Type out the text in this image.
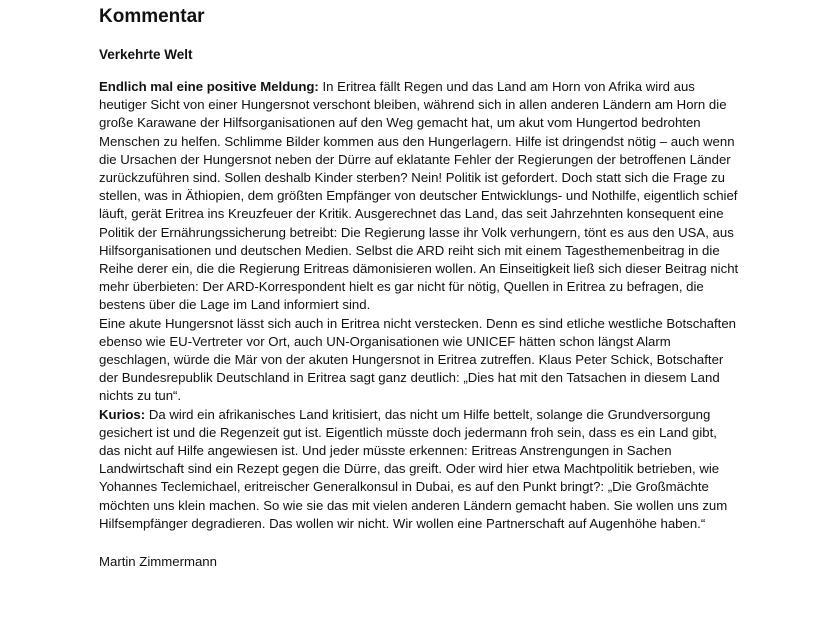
Kommentar
Verkehrte Welt

Endlich mal eine positive Meldung: In Eritrea fällt Regen und das Land am Horn von Afrika wird aus heutiger Sicht von einer Hungersnot verschont bleiben, während sich in allen anderen Ländern am Horn die große Karawane der Hilfsorganisationen auf den Weg gemacht hat, um akut vom Hungertod bedrohten Menschen zu helfen. Schlimme Bilder kommen aus den Hungerlagern. Hilfe ist dringendst nötig – auch wenn die Ursachen der Hungersnot neben der Dürre auf eklatante Fehler der Regierungen der betroffenen Länder zurückzuführen sind. Sollen deshalb Kinder sterben? Nein! Politik ist gefordert. Doch statt sich die Frage zu stellen, was in Äthiopien, dem größten Empfänger von deutscher Entwicklungs- und Nothilfe, eigentlich schief läuft, gerät Eritrea ins Kreuzfeuer der Kritik. Ausgerechnet das Land, das seit Jahrzehnten konsequent eine Politik der Ernährungssicherung betreibt: Die Regierung lasse ihr Volk verhungern, tönt es aus den USA, aus Hilfsorganisationen und deutschen Medien. Selbst die ARD reiht sich mit einem Tagesthemenbeitrag in die Reihe derer ein, die die Regierung Eritreas dämonisieren wollen. An Einseitigkeit ließ sich dieser Beitrag nicht mehr überbieten: Der ARD-Korrespondent hielt es gar nicht für nötig, Quellen in Eritrea zu befragen, die bestens über die Lage im Land informiert sind.

Eine akute Hungersnot lässt sich auch in Eritrea nicht verstecken. Denn es sind etliche westliche Botschaften ebenso wie EU-Vertreter vor Ort, auch UN-Organisationen wie UNICEF hätten schon längst Alarm geschlagen, würde die Mär von der akuten Hungersnot in Eritrea zutreffen. Klaus Peter Schick, Botschafter der Bundesrepublik Deutschland in Eritrea sagt ganz deutlich: „Dies hat mit den Tatsachen in diesem Land nichts zu tun“.

Kurios: Da wird ein afrikanisches Land kritisiert, das nicht um Hilfe bettelt, solange die Grundversorgung gesichert ist und die Regenzeit gut ist. Eigentlich müsste doch jedermann froh sein, dass es ein Land gibt, das nicht auf Hilfe angewiesen ist. Und jeder müsste erkennen: Eritreas Anstrengungen in Sachen Landwirtschaft sind ein Rezept gegen die Dürre, das greift. Oder wird hier etwa Machtpolitik betrieben, wie Yohannes Teclemichael, eritreischer Generalkonsul in Dubai, es auf den Punkt bringt?: „Die Großmächte möchten uns klein machen. So wie sie das mit vielen anderen Ländern gemacht haben. Sie wollen uns zum Hilfsempfänger degradieren. Das wollen wir nicht. Wir wollen eine Partnerschaft auf Augenhöhe haben.“

Martin Zimmermann
